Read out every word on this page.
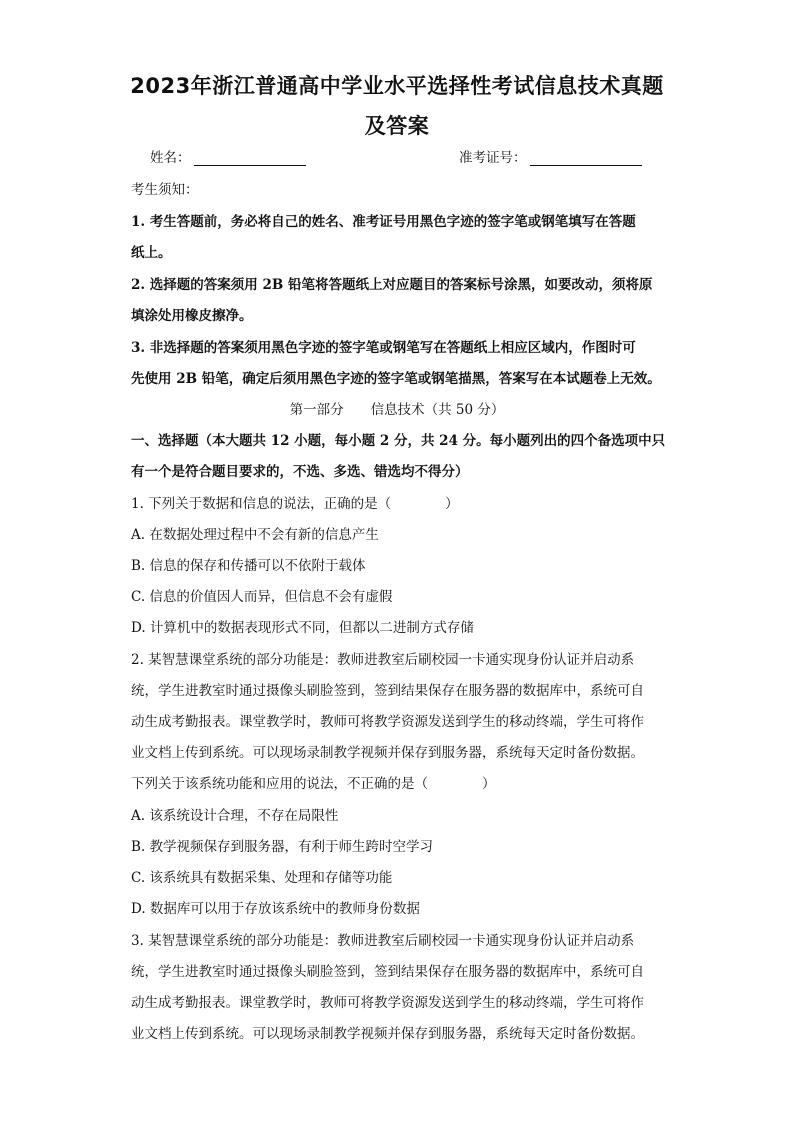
2023年浙江普通高中学业水平选择性考试信息技术真题
及答案
姓名：	准考证号：
考生须知：
1. 考生答题前，务必将自己的姓名、准考证号用黑色字迹的签字笔或钢笔填写在答题
纸上。
2. 选择题的答案须用 2B 铅笔将答题纸上对应题目的答案标号涂黑，如要改动，须将原
填涂处用橡皮擦净。
3. 非选择题的答案须用黑色字迹的签字笔或钢笔写在答题纸上相应区域内，作图时可
先使用 2B 铅笔，确定后须用黑色字迹的签字笔或钢笔描黑，答案写在本试题卷上无效。
第一部分　　信息技术（共 50 分）
一、选择题（本大题共 12 小题，每小题 2 分，共 24 分。每小题列出的四个备选项中只
有一个是符合题目要求的，不选、多选、错选均不得分）
1. 下列关于数据和信息的说法，正确的是（　　　　）
A. 在数据处理过程中不会有新的信息产生
B. 信息的保存和传播可以不依附于载体
C. 信息的价值因人而异，但信息不会有虚假
D. 计算机中的数据表现形式不同，但都以二进制方式存储
2. 某智慧课堂系统的部分功能是：教师进教室后刷校园一卡通实现身份认证并启动系
统，学生进教室时通过摄像头刷脸签到，签到结果保存在服务器的数据库中，系统可自
动生成考勤报表。课堂教学时，教师可将教学资源发送到学生的移动终端，学生可将作
业文档上传到系统。可以现场录制教学视频并保存到服务器，系统每天定时备份数据。
下列关于该系统功能和应用的说法，不正确的是（　　　　）
A. 该系统设计合理，不存在局限性
B. 教学视频保存到服务器，有利于师生跨时空学习
C. 该系统具有数据采集、处理和存储等功能
D. 数据库可以用于存放该系统中的教师身份数据
3. 某智慧课堂系统的部分功能是：教师进教室后刷校园一卡通实现身份认证并启动系
统，学生进教室时通过摄像头刷脸签到，签到结果保存在服务器的数据库中，系统可自
动生成考勤报表。课堂教学时，教师可将教学资源发送到学生的移动终端，学生可将作
业文档上传到系统。可以现场录制教学视频并保存到服务器，系统每天定时备份数据。
